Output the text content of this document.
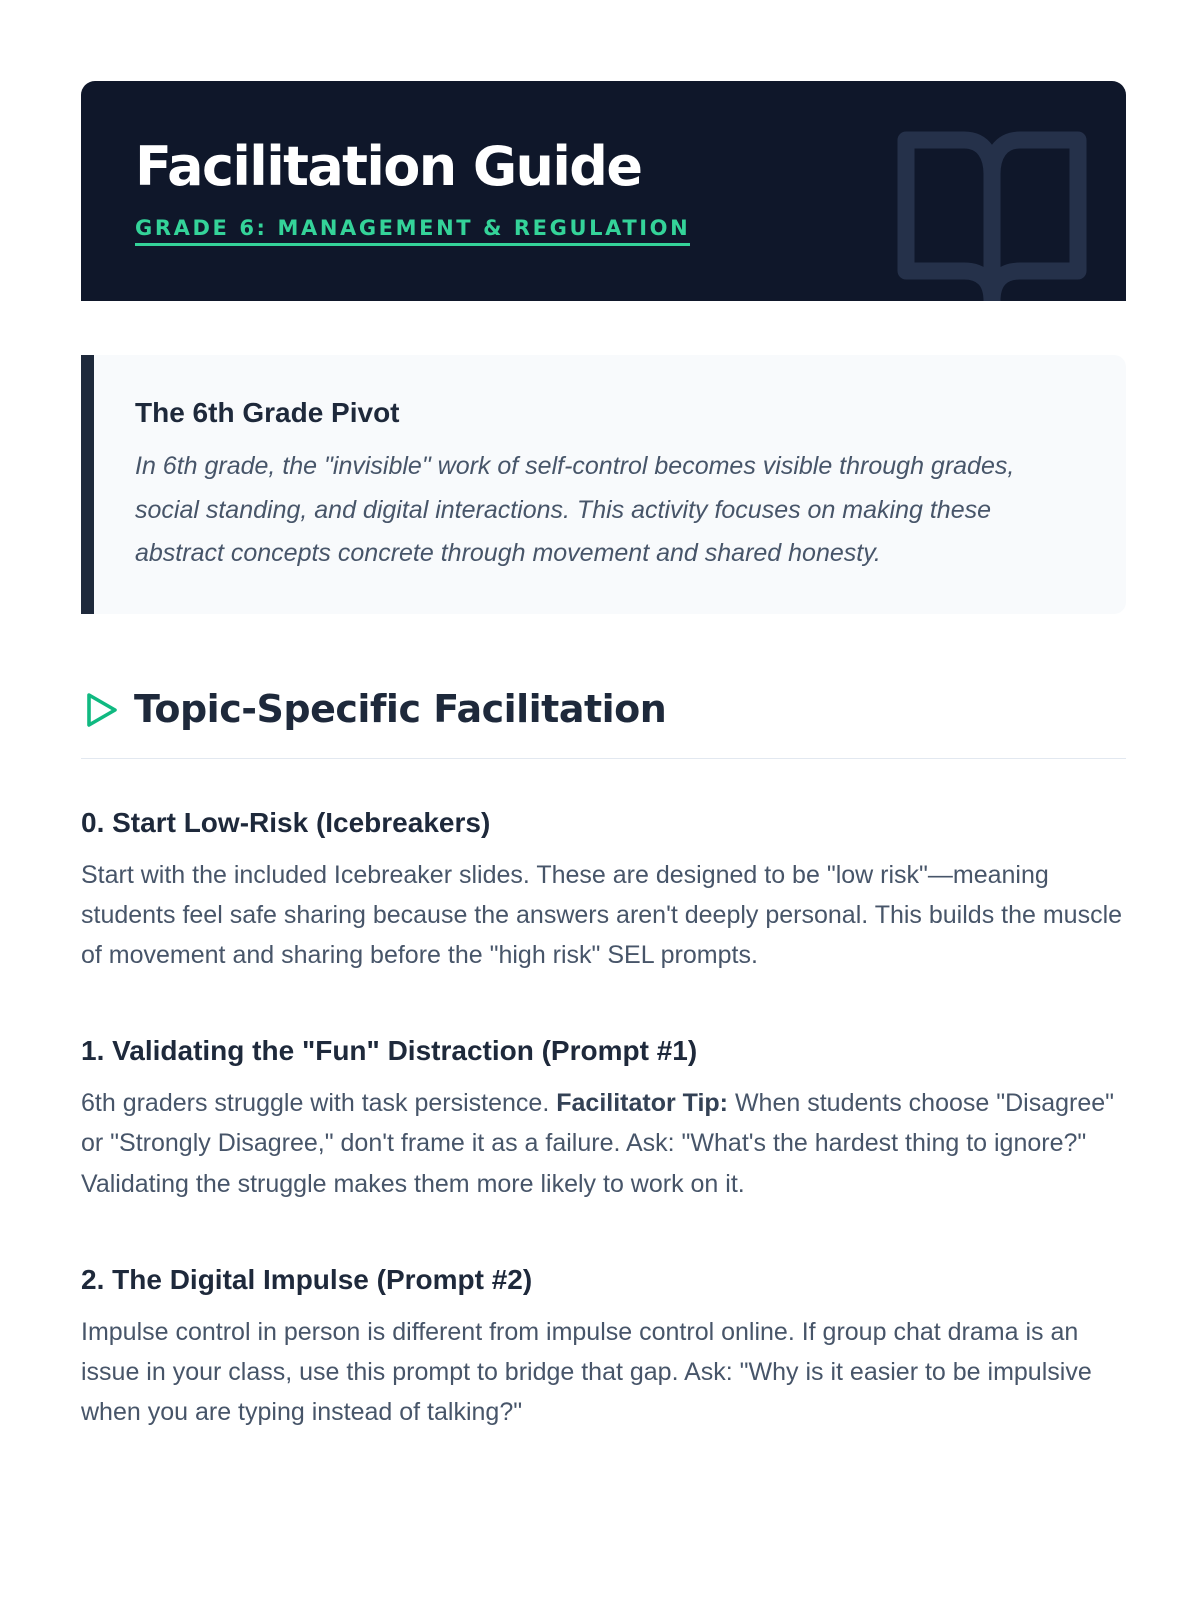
Facilitation Guide
GRADE 6: MANAGEMENT & REGULATION
The 6th Grade Pivot

In 6th grade, the "invisible" work of self-control becomes visible through grades, social standing, and digital interactions. This activity focuses on making these abstract concepts concrete through movement and shared honesty.

Topic-Specific Facilitation
0. Start Low-Risk (Icebreakers)

Start with the included Icebreaker slides. These are designed to be "low risk"—meaning students feel safe sharing because the answers aren't deeply personal. This builds the muscle of movement and sharing before the "high risk" SEL prompts.

1. Validating the "Fun" Distraction (Prompt #1)

6th graders struggle with task persistence. Facilitator Tip: When students choose "Disagree" or "Strongly Disagree," don't frame it as a failure. Ask: "What's the hardest thing to ignore?" Validating the struggle makes them more likely to work on it.

2. The Digital Impulse (Prompt #2)

Impulse control in person is different from impulse control online. If group chat drama is an issue in your class, use this prompt to bridge that gap. Ask: "Why is it easier to be impulsive when you are typing instead of talking?"
